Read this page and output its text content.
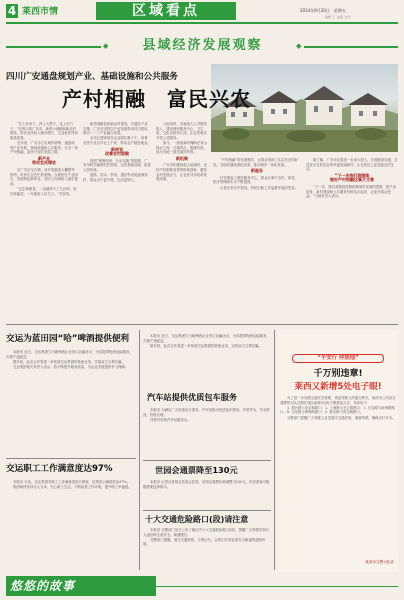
4 莱西市情	区域看点	2014年9月20日　星期五
编辑 王 ·美编 ·校对
◆	县域经济发展观察	◆
四川广安通盘规划产业、基础设施和公共服务
产村相融　富民兴农

“住上好房子，挣上大票子，过上好日子。”在四川省广安市，新型小城镇和新农村建设，带动农民收入稳步增长，生活条件得到明显改善。

近年来，广安市立足城乡统筹，通盘规划产业发展、基础设施和公共服务，走出一条产村相融、富民兴农的发展之路。

新产业
带动农民增收

在广安区龙台镇，成片的蔬菜大棚整齐排列，村民们正在忙着采摘。当地依托产业园区，发展特色种养业，农民人均纯收入逐年提高。

“过去种粮食，一亩地挣不了几百块；现在种蔬菜，一年能收入好几万。”村民说。

新型城镇化和新农村建设，关键在产业支撑。广安市坚持以产业发展带动村庄建设，推动一二三产业融合发展。

全市已建成现代农业园区数十个，培育农民专业合作社上千家，带动农户就近就业。

新规划
改善农村面貌

按照“统筹规划、分步实施”的思路，广安市科学编制村庄规划，完善基础设施，改善人居环境。

道路、供水、供电、通信等设施延伸到村，群众出行更方便，生活更舒心。

与此同时，各地加大公共服务投入，建设便民服务中心、卫生室、文化室和幼儿园，让农民就近享受公共服务。

如今，一座座新村掩映在青山绿水之间，白墙青瓦，错落有致，成为当地一道亮丽的风景。

新机制

广安市积极探索土地流转、农村产权制度改革等机制创新，激发农村发展活力，让农民共享改革发展成果。

“产村相融”的发展模式，让群众得到了实实在在的好处。当地将继续深化改革，推动城乡一体化发展。

新服务

村里建起了便民服务中心，群众办事不出村，养老、医疗等保障水平不断提高。

记者在采访中看到，村民们脸上洋溢着幸福的笑容。

据了解，广安市还将进一步加大投入，完善配套设施，打造更多宜居宜业的幸福美丽新村，让农民过上更加富足的生活。

“下一步我们将继续
做好产村相融这篇大文章

“下一步，我们将继续按照统筹城乡发展的思路，把产业培育、新村建设和公共服务有机结合起来，让更多群众受益。”当地负责人表示。

交运为蓝田园“哈”啤酒提供便利

本报讯 近日，交运集团与当地啤酒企业签订运输协议，为其提供物流运输服务，方便产品配送。

据介绍，此次合作将进一步拓展交运集团的物流业务，实现双方互利共赢。

交运集团相关负责人表示，将不断提升服务质量，为企业发展提供有力保障。

交运职工工作满意度达97%

本报讯 日前，交运集团对职工工作满意度进行调查，结果显示满意度达97%。

集团始终坚持以人为本，关心职工生活，不断改善工作环境，提升职工幸福感。

本报讯 近日，交运集团与当地啤酒企业签订运输协议，为其提供物流运输服务，方便产品配送。

据介绍，此次合作将进一步拓展交运集团的物流业务，实现双方互利共赢。

汽车站提供优质包车服务

本报讯 为满足广大旅客出行需求，汽车站推出优质包车服务，车型齐全，安全舒适，价格合理。

详情可咨询汽车站服务台。

世园会通票降至130元

本报讯 记者从世园会执委会获悉，世园会通票价格调整为130元，市民游客可根据需要选择购买。

十大交通危险路口(段)请注意

本报讯 交警部门近日公布了辖区内十大交通危险路口(段)，提醒广大驾驶员和行人途经时注意安全，减速慢行。

交警部门提醒，遵守交通规则，文明出行，让我们共同营造安全畅通的道路环境。

“平安行 你我他”
千万别违章!
莱西又新增5处电子眼!

为了进一步加强交通安全管理，规范驾驶人的通行秩序，莱西市公安局交通警察大队近期在城区新增5处电子眼抓拍点位，具体如下：

1. 烟台路与北京路路口；2. 上海路与长江路路口；3. 石岛路与威海路路口；4. 文化路与黄海路路口；5. 重庆路与青岛路路口。

交警部门提醒广大驾驶人自觉遵守交通法规，谨慎驾驶，确保出行安全。

莱西市交警大队宣
悠悠的故事
